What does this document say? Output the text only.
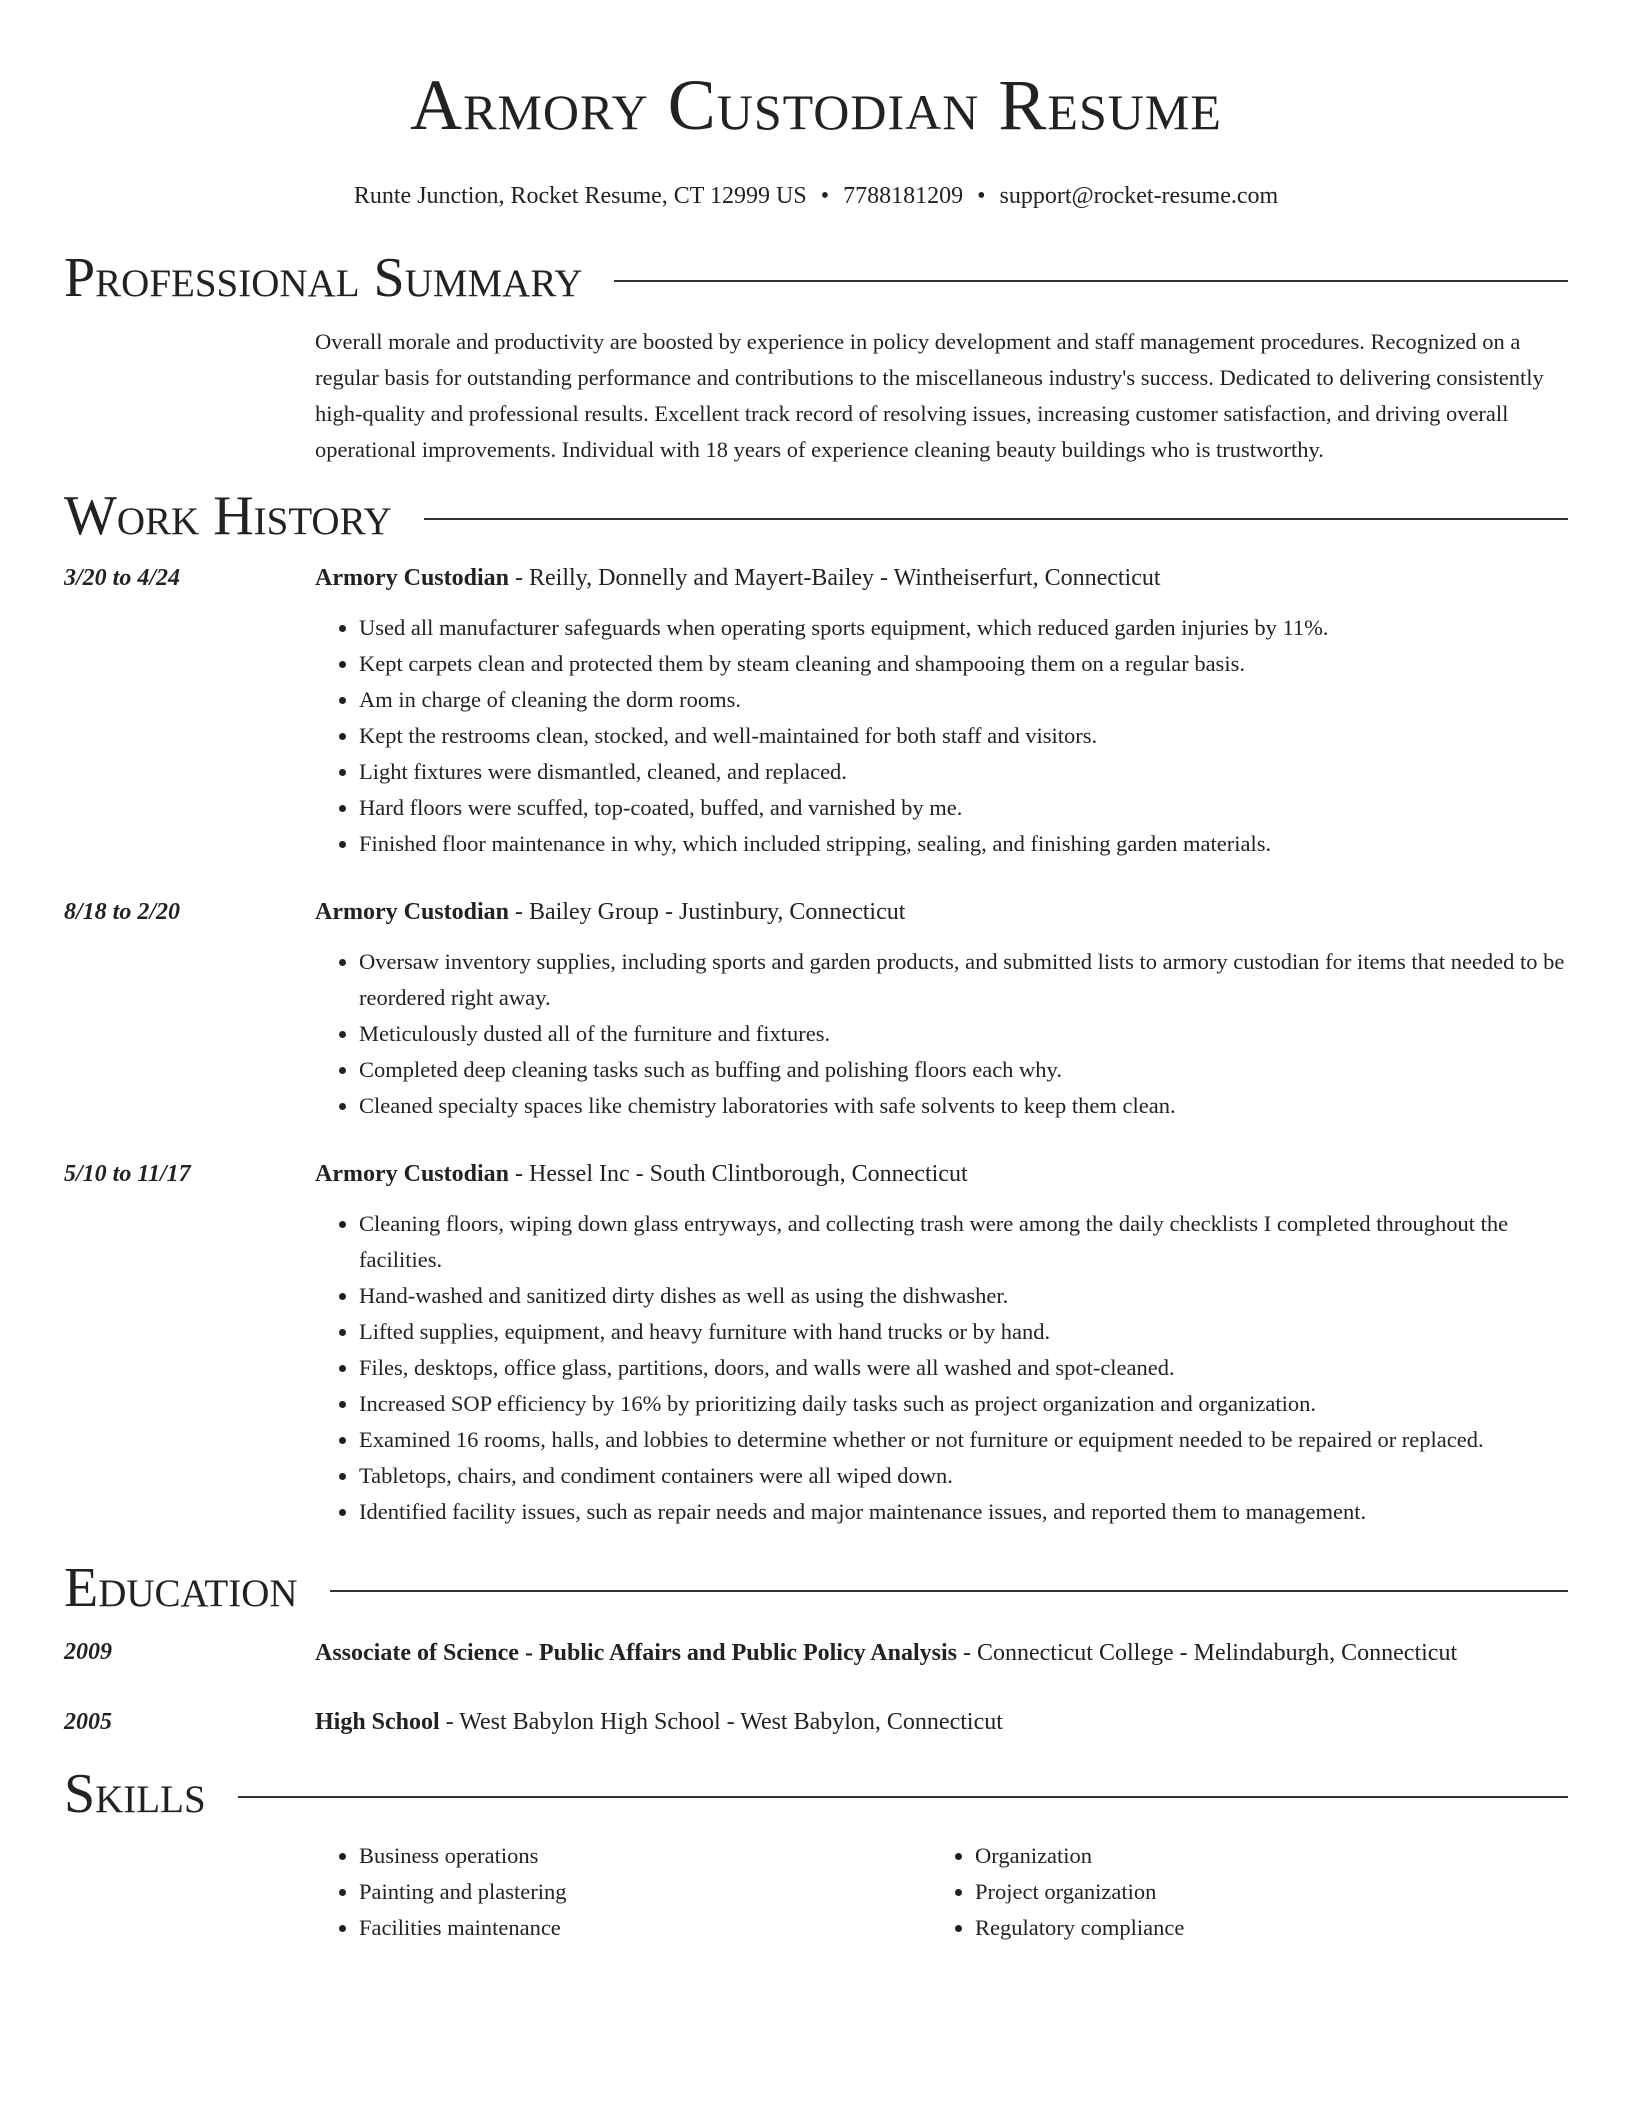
Armory Custodian Resume
Runte Junction, Rocket Resume, CT 12999 US • 7788181209 • support@rocket-resume.com
Professional Summary
Overall morale and productivity are boosted by experience in policy development and staff management procedures. Recognized on a regular basis for outstanding performance and contributions to the miscellaneous industry's success. Dedicated to delivering consistently high-quality and professional results. Excellent track record of resolving issues, increasing customer satisfaction, and driving overall operational improvements. Individual with 18 years of experience cleaning beauty buildings who is trustworthy.
Work History
3/20 to 4/24	Armory Custodian - Reilly, Donnelly and Mayert-Bailey - Wintheiserfurt, Connecticut
• Used all manufacturer safeguards when operating sports equipment, which reduced garden injuries by 11%.
• Kept carpets clean and protected them by steam cleaning and shampooing them on a regular basis.
• Am in charge of cleaning the dorm rooms.
• Kept the restrooms clean, stocked, and well-maintained for both staff and visitors.
• Light fixtures were dismantled, cleaned, and replaced.
• Hard floors were scuffed, top-coated, buffed, and varnished by me.
• Finished floor maintenance in why, which included stripping, sealing, and finishing garden materials.
8/18 to 2/20	Armory Custodian - Bailey Group - Justinbury, Connecticut
• Oversaw inventory supplies, including sports and garden products, and submitted lists to armory custodian for items that needed to be reordered right away.
• Meticulously dusted all of the furniture and fixtures.
• Completed deep cleaning tasks such as buffing and polishing floors each why.
• Cleaned specialty spaces like chemistry laboratories with safe solvents to keep them clean.
5/10 to 11/17	Armory Custodian - Hessel Inc - South Clintborough, Connecticut
• Cleaning floors, wiping down glass entryways, and collecting trash were among the daily checklists I completed throughout the facilities.
• Hand-washed and sanitized dirty dishes as well as using the dishwasher.
• Lifted supplies, equipment, and heavy furniture with hand trucks or by hand.
• Files, desktops, office glass, partitions, doors, and walls were all washed and spot-cleaned.
• Increased SOP efficiency by 16% by prioritizing daily tasks such as project organization and organization.
• Examined 16 rooms, halls, and lobbies to determine whether or not furniture or equipment needed to be repaired or replaced.
• Tabletops, chairs, and condiment containers were all wiped down.
• Identified facility issues, such as repair needs and major maintenance issues, and reported them to management.
Education
2009	Associate of Science - Public Affairs and Public Policy Analysis - Connecticut College - Melindaburgh, Connecticut
2005	High School - West Babylon High School - West Babylon, Connecticut
Skills
• Business operations
• Painting and plastering
• Facilities maintenance
• Organization
• Project organization
• Regulatory compliance
